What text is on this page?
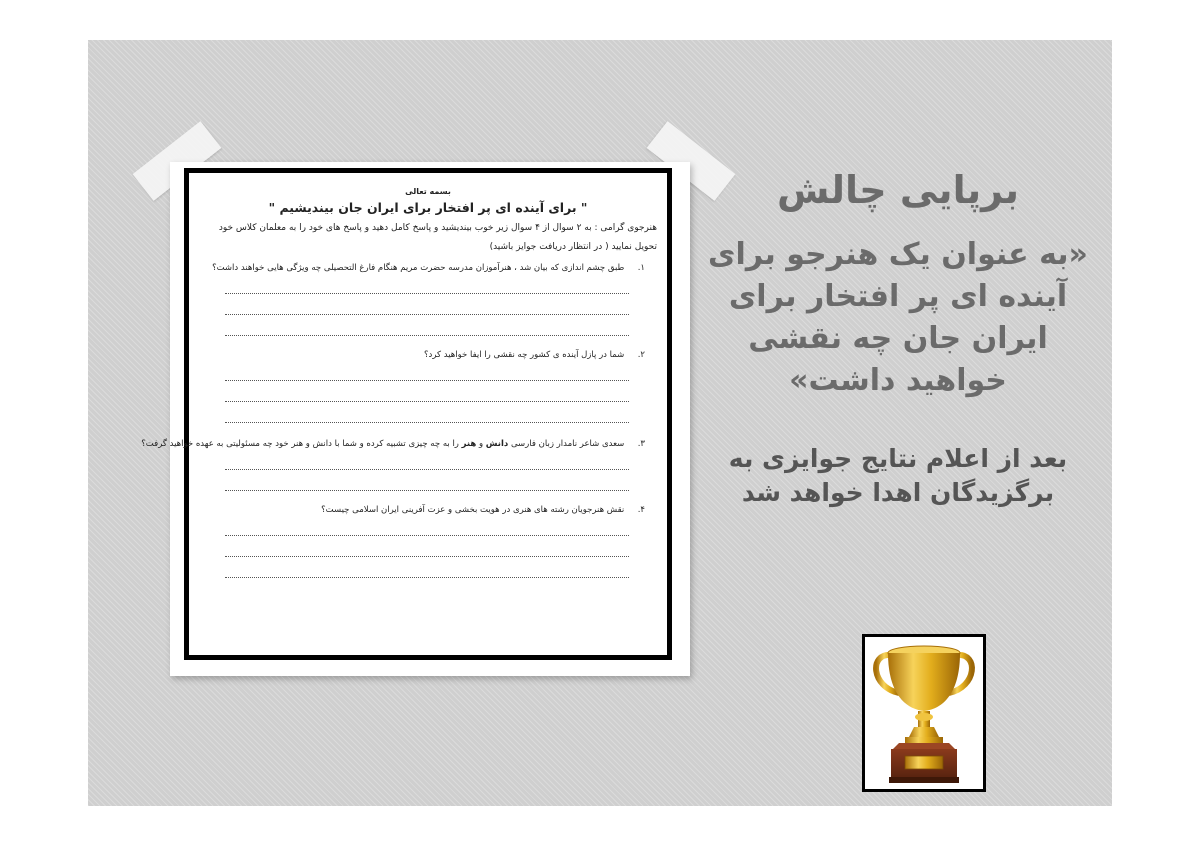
بسمه تعالی
" برای آینده ای پر افتخار برای ایران جان بیندیشیم "
هنرجوی گرامی : به ۲ سوال از ۴ سوال زیر خوب بیندیشید و پاسخ کامل دهید و پاسخ های خود را به معلمان کلاس خود تحویل نمایید ( در انتظار دریافت جوایز باشید)
۱. طبق چشم اندازی که بیان شد ، هنرآموزان مدرسه حضرت مریم هنگام فارغ التحصیلی چه ویژگی هایی خواهند داشت؟
۲. شما در پازل آینده ی کشور چه نقشی را ایفا خواهید کرد؟
۳. سعدی شاعر نامدار زبان فارسی دانش و هنر را به چه چیزی تشبیه کرده و شما با دانش و هنر خود چه مسئولیتی به عهده خواهید گرفت؟
۴. نقش هنرجویان رشته های هنری در هویت بخشی و عزت آفرینی ایران اسلامی چیست؟
برپایی چالش
«به عنوان یک هنرجو برای آینده ای پر افتخار برای ایران جان چه نقشی خواهید داشت»
بعد از اعلام نتایج جوایزی به برگزیدگان اهدا خواهد شد
